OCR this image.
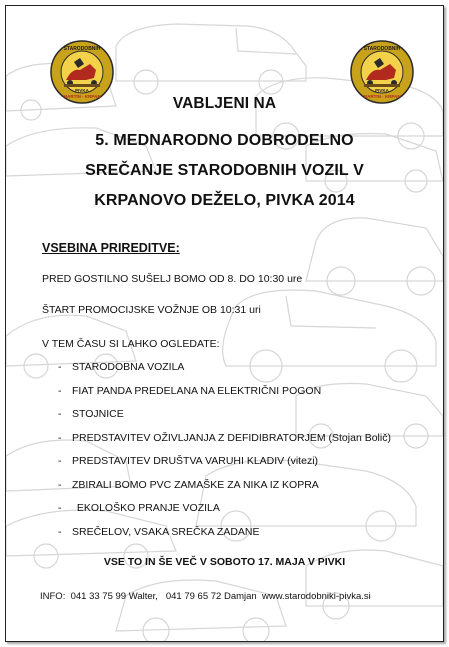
STARODOBNIH
MARTIN · KRPAN
PIVKA
STARODOBNIH
MARTIN · KRPAN
PIVKA
VABLJENI NA
5. MEDNARODNO DOBRODELNO
SREČANJE STARODOBNIH VOZIL V
KRPANOVO DEŽELO, PIVKA 2014
VSEBINA PRIREDITVE:
PRED GOSTILNO SUŠELJ BOMO OD 8. DO 10:30 ure
ŠTART PROMOCIJSKE VOŽNJE OB 10:31 uri
V TEM ČASU SI LAHKO OGLEDATE:
- STARODOBNA VOZILA
- FIAT PANDA PREDELANA NA ELEKTRIČNI POGON
- STOJNICE
- PREDSTAVITEV OŽIVLJANJA Z DEFIDIBRATORJEM (Stojan Bolič)
- PREDSTAVITEV DRUŠTVA VARUHI KLADIV (vitezi)
- ZBIRALI BOMO PVC ZAMAŠKE ZA NIKA IZ KOPRA
- EKOLOŠKO PRANJE VOZILA
- SREČELOV, VSAKA SREČKA ZADANE
VSE TO IN ŠE VEČ V SOBOTO 17. MAJA V PIVKI
INFO:  041 33 75 99 Walter,   041 79 65 72 Damjan  www.starodobniki-pivka.si
